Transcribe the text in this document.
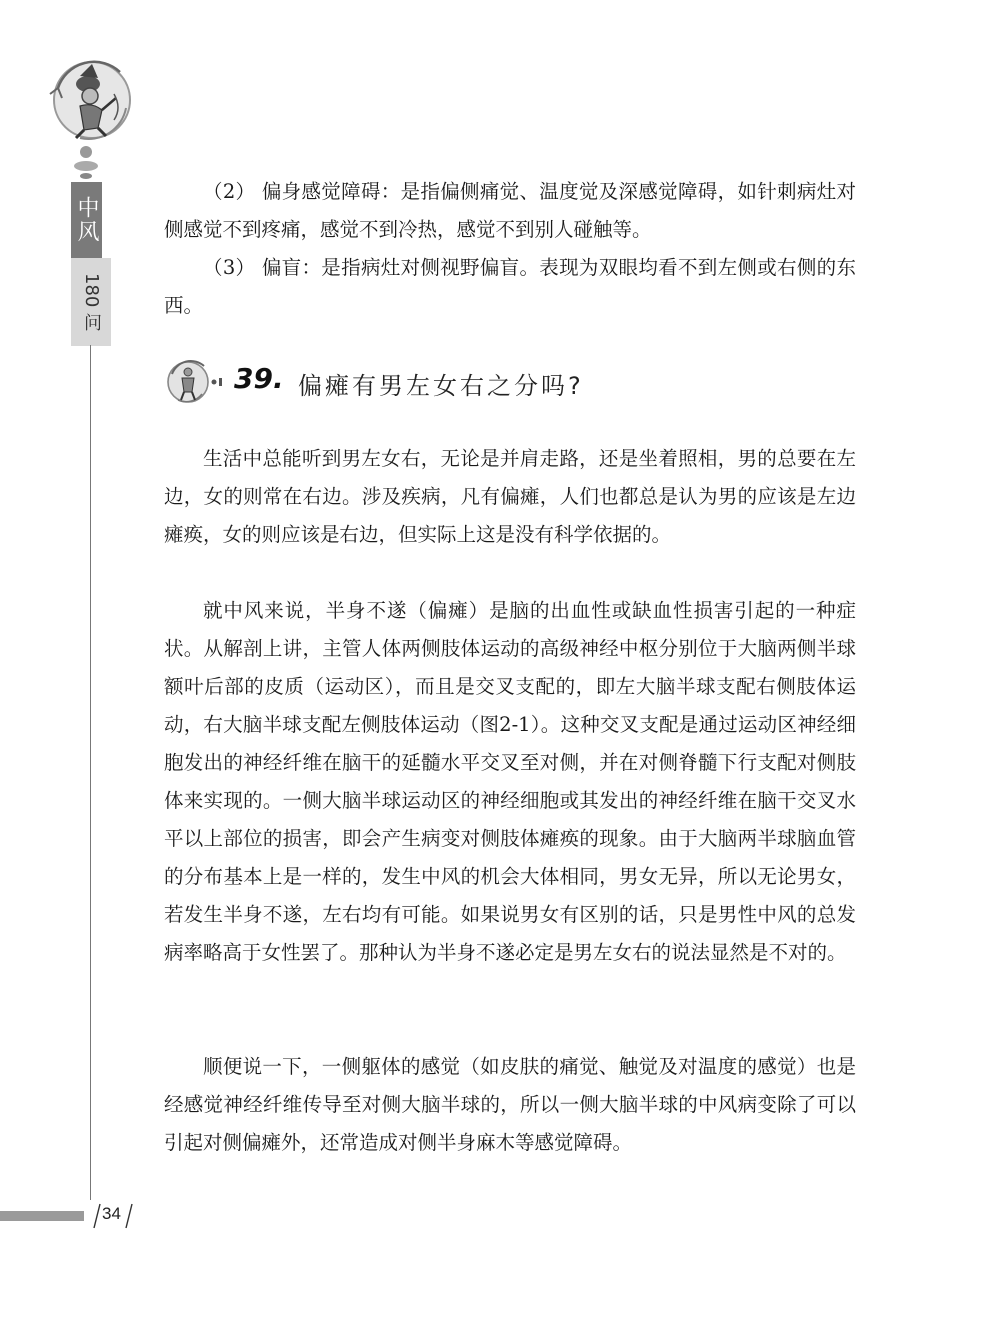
中风
180 问

（2） 偏身感觉障碍：是指偏侧痛觉、温度觉及深感觉障碍，如针刺病灶对侧感觉不到疼痛，感觉不到冷热，感觉不到别人碰触等。

（3） 偏盲：是指病灶对侧视野偏盲。表现为双眼均看不到左侧或右侧的东西。

39. 偏瘫有男左女右之分吗?

生活中总能听到男左女右，无论是并肩走路，还是坐着照相，男的总要在左边，女的则常在右边。涉及疾病，凡有偏瘫，人们也都总是认为男的应该是左边瘫痪，女的则应该是右边，但实际上这是没有科学依据的。

就中风来说，半身不遂（偏瘫）是脑的出血性或缺血性损害引起的一种症状。从解剖上讲，主管人体两侧肢体运动的高级神经中枢分别位于大脑两侧半球额叶后部的皮质（运动区），而且是交叉支配的，即左大脑半球支配右侧肢体运动，右大脑半球支配左侧肢体运动（图2-1）。这种交叉支配是通过运动区神经细胞发出的神经纤维在脑干的延髓水平交叉至对侧，并在对侧脊髓下行支配对侧肢体来实现的。一侧大脑半球运动区的神经细胞或其发出的神经纤维在脑干交叉水平以上部位的损害，即会产生病变对侧肢体瘫痪的现象。由于大脑两半球脑血管的分布基本上是一样的，发生中风的机会大体相同，男女无异，所以无论男女，若发生半身不遂，左右均有可能。如果说男女有区别的话，只是男性中风的总发病率略高于女性罢了。那种认为半身不遂必定是男左女右的说法显然是不对的。

顺便说一下，一侧躯体的感觉（如皮肤的痛觉、触觉及对温度的感觉）也是经感觉神经纤维传导至对侧大脑半球的，所以一侧大脑半球的中风病变除了可以引起对侧偏瘫外，还常造成对侧半身麻木等感觉障碍。

34
